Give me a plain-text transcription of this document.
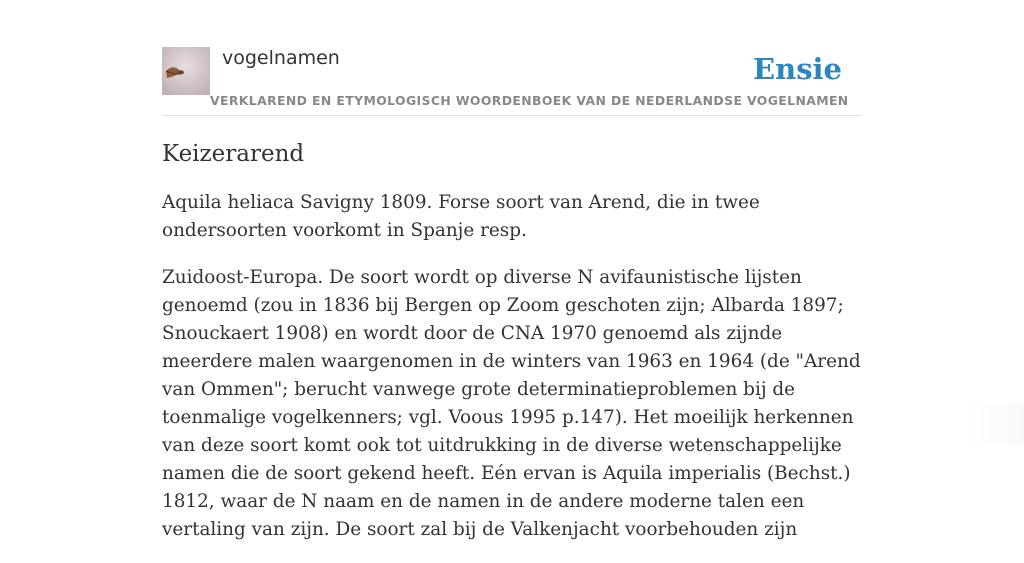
vogelnamen	Ensie
VERKLAREND EN ETYMOLOGISCH WOORDENBOEK VAN DE NEDERLANDSE VOGELNAMEN
Keizerarend

Aquila heliaca Savigny 1809. Forse soort van Arend, die in twee ondersoorten voorkomt in Spanje resp.

Zuidoost-Europa. De soort wordt op diverse N avifaunistische lijsten genoemd (zou in 1836 bij Bergen op Zoom geschoten zijn; Albarda 1897; Snouckaert 1908) en wordt door de CNA 1970 genoemd als zijnde meerdere malen waargenomen in de winters van 1963 en 1964 (de "Arend van Ommen"; berucht vanwege grote determinatieproblemen bij de toenmalige vogelkenners; vgl. Voous 1995 p.147). Het moeilijk herkennen van deze soort komt ook tot uitdrukking in de diverse wetenschappelijke namen die de soort gekend heeft. Eén ervan is Aquila imperialis (Bechst.) 1812, waar de N naam en de namen in de andere moderne talen een vertaling van zijn. De soort zal bij de Valkenjacht voorbehouden zijn
